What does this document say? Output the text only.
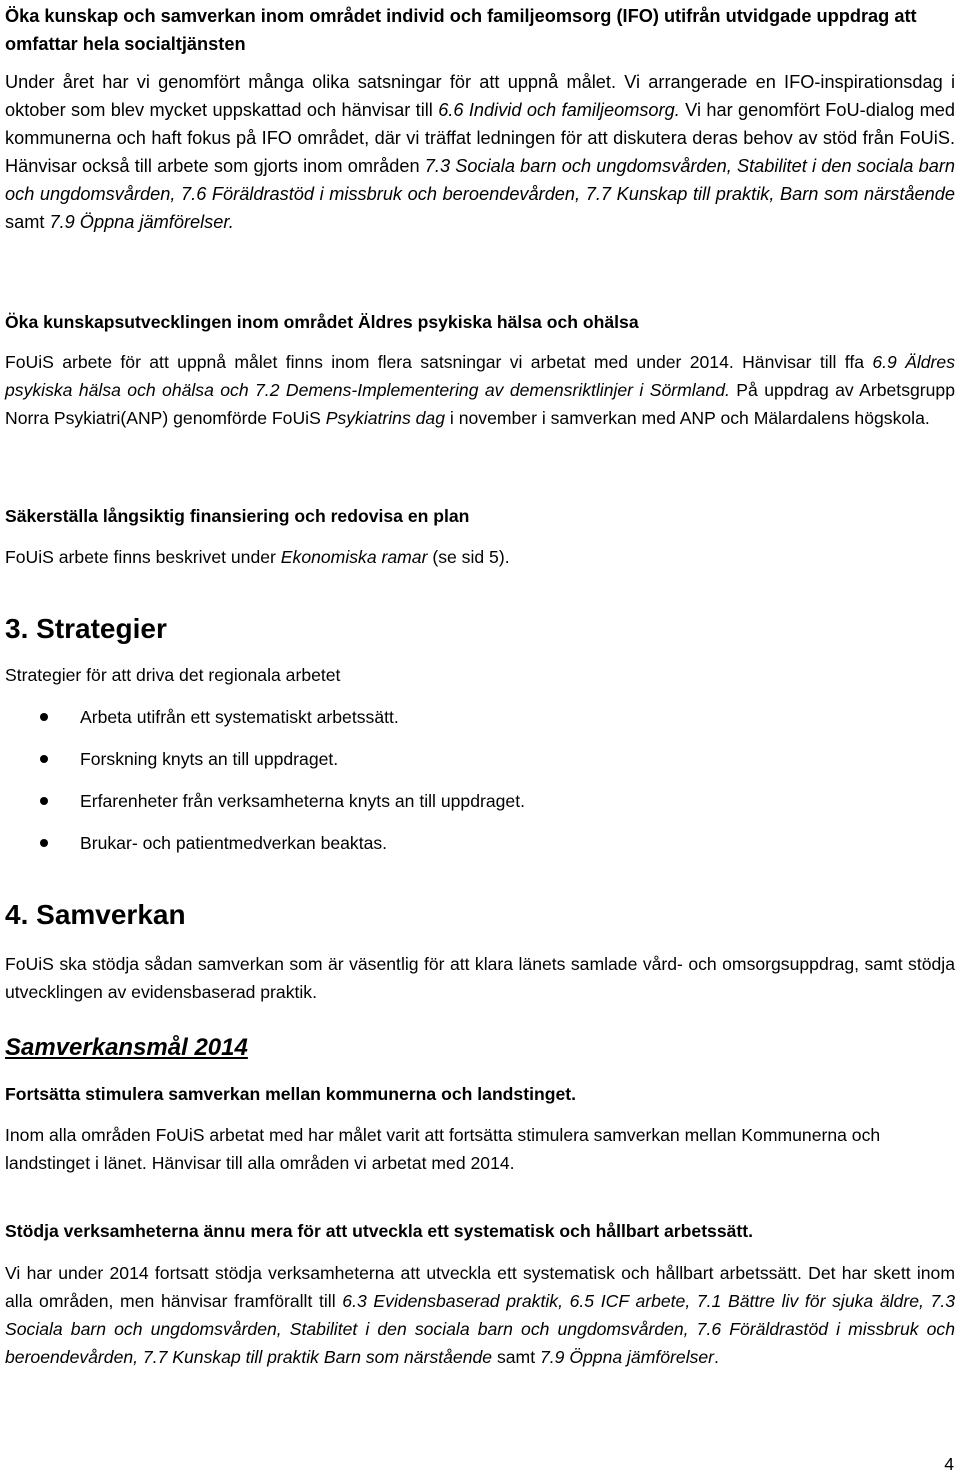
Öka kunskap och samverkan inom området individ och familjeomsorg (IFO) utifrån utvidgade uppdrag att omfattar hela socialtjänsten

Under året har vi genomfört många olika satsningar för att uppnå målet. Vi arrangerade en IFO-inspirationsdag i oktober som blev mycket uppskattad och hänvisar till 6.6 Individ och familjeomsorg. Vi har genomfört FoU-dialog med kommunerna och haft fokus på IFO området, där vi träffat ledningen för att diskutera deras behov av stöd från FoUiS. Hänvisar också till arbete som gjorts inom områden 7.3 Sociala barn och ungdomsvården, Stabilitet i den sociala barn och ungdomsvården, 7.6 Föräldrastöd i missbruk och beroendevården, 7.7 Kunskap till praktik, Barn som närstående samt 7.9 Öppna jämförelser.

Öka kunskapsutvecklingen inom området Äldres psykiska hälsa och ohälsa

FoUiS arbete för att uppnå målet finns inom flera satsningar vi arbetat med under 2014. Hänvisar till ffa 6.9 Äldres psykiska hälsa och ohälsa och 7.2 Demens-Implementering av demensriktlinjer i Sörmland. På uppdrag av Arbetsgrupp Norra Psykiatri(ANP) genomförde FoUiS Psykiatrins dag i november i samverkan med ANP och Mälardalens högskola.

Säkerställa långsiktig finansiering och redovisa en plan

FoUiS arbete finns beskrivet under Ekonomiska ramar (se sid 5).

3. Strategier

Strategier för att driva det regionala arbetet

Arbeta utifrån ett systematiskt arbetssätt.
Forskning knyts an till uppdraget.
Erfarenheter från verksamheterna knyts an till uppdraget.
Brukar- och patientmedverkan beaktas.
4. Samverkan

FoUiS ska stödja sådan samverkan som är väsentlig för att klara länets samlade vård- och omsorgsuppdrag, samt stödja utvecklingen av evidensbaserad praktik.

Samverkansmål 2014
Fortsätta stimulera samverkan mellan kommunerna och landstinget.

Inom alla områden FoUiS arbetat med har målet varit att fortsätta stimulera samverkan mellan Kommunerna och landstinget i länet. Hänvisar till alla områden vi arbetat med 2014.

Stödja verksamheterna ännu mera för att utveckla ett systematisk och hållbart arbetssätt.

Vi har under 2014 fortsatt stödja verksamheterna att utveckla ett systematisk och hållbart arbetssätt. Det har skett inom alla områden, men hänvisar framförallt till 6.3 Evidensbaserad praktik, 6.5 ICF arbete, 7.1 Bättre liv för sjuka äldre, 7.3 Sociala barn och ungdomsvården, Stabilitet i den sociala barn och ungdomsvården, 7.6 Föräldrastöd i missbruk och beroendevården, 7.7 Kunskap till praktik Barn som närstående samt 7.9 Öppna jämförelser.

4
